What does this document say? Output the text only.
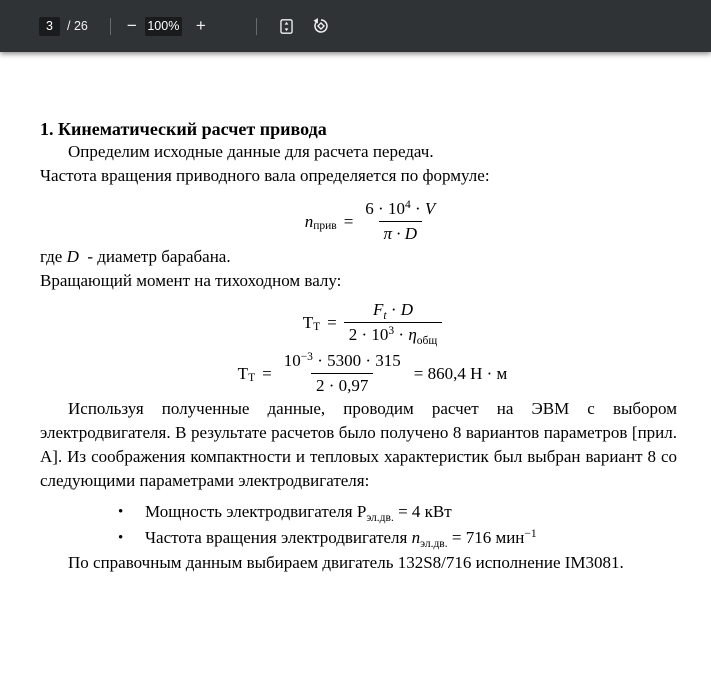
3
/ 26	−
100%	+

1. Кинематический расчет привода

Определим исходные данные для расчета передач.

Частота вращения приводного вала определяется по формуле:

$n_{прив} = \frac{6 \cdot 10^4 \cdot V}{\pi \cdot D}$

где D  - диаметр барабана.

Вращающий момент на тихоходном валу:

$Т_Т = \frac{F_t \cdot D}{2 \cdot 10^3 \cdot \eta_{общ}}$
$Т_Т = \frac{10^{-3} \cdot 5300 \cdot 315}{2 \cdot 0,97} = 860,4$ Н · м

Используя полученные данные, проводим расчет на ЭВМ с выбором электродвигателя. В результате расчетов было получено 8 вариантов параметров [прил. А]. Из соображения компактности и тепловых характеристик был выбран вариант 8 со следующими параметрами электродвигателя:

•	Мощность электродвигателя $Р_{эл.дв.} = 4$ кВт
•	Частота вращения электродвигателя $n_{эл.дв.} = 716$ мин$^{-1}$

По справочным данным выбираем двигатель 132S8/716 исполнение IM3081.
